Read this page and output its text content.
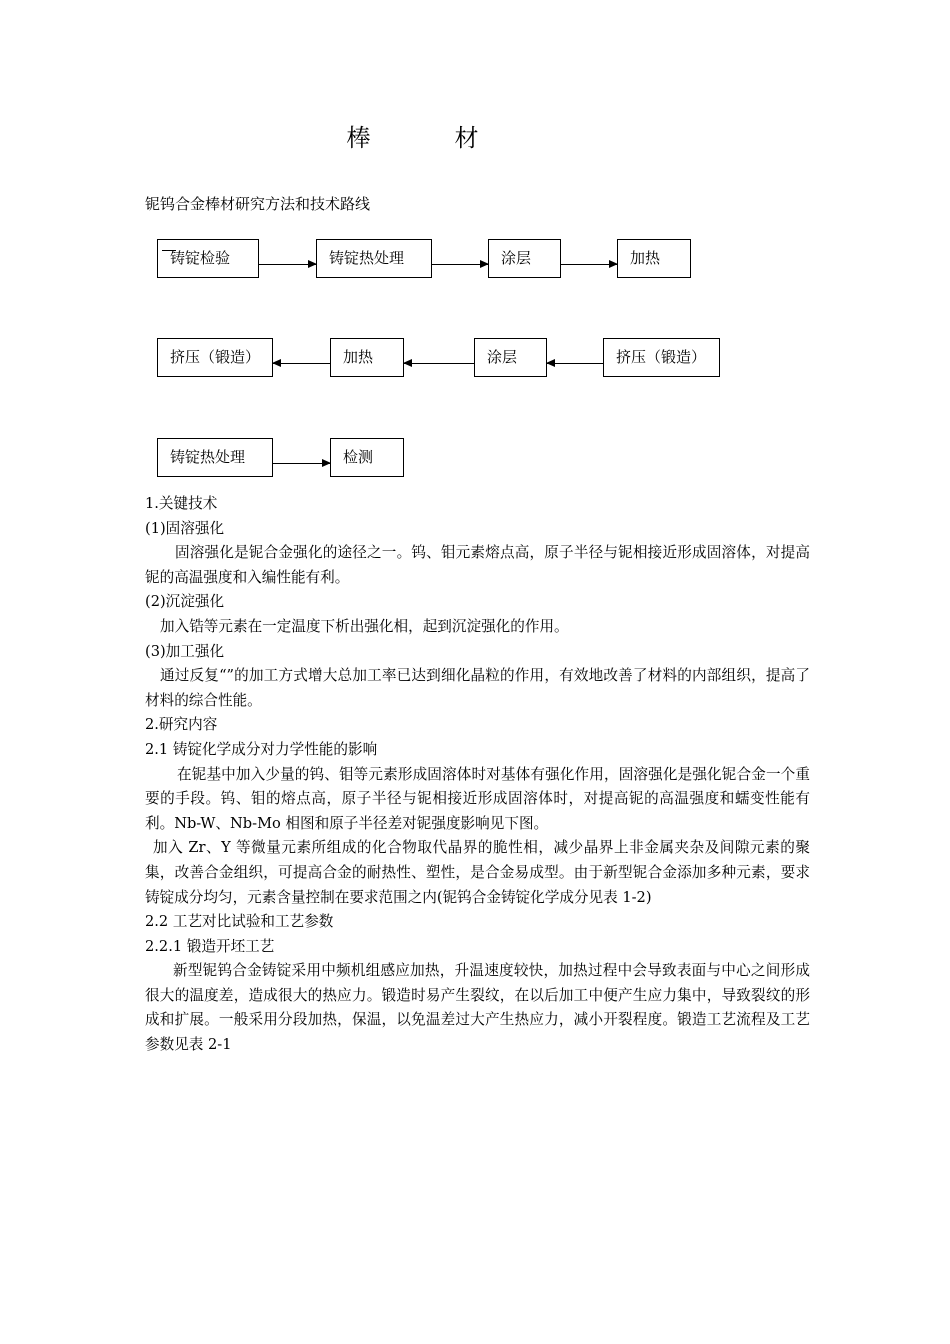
棒　材
铌钨合金棒材研究方法和技术路线
铸锭检验	铸锭热处理	涂层	加热
挤压（锻造）	加热	涂层	挤压（锻造）
铸锭热处理	检测

1.关键技术

(1)固溶强化

固溶强化是铌合金强化的途径之一。钨、钼元素熔点高，原子半径与铌相接近形成固溶体，对提高铌的高温强度和入编性能有利。

(2)沉淀强化

加入锆等元素在一定温度下析出强化相，起到沉淀强化的作用。

(3)加工强化

通过反复“”的加工方式增大总加工率已达到细化晶粒的作用，有效地改善了材料的内部组织，提高了材料的综合性能。

2.研究内容

2.1 铸锭化学成分对力学性能的影响

在铌基中加入少量的钨、钼等元素形成固溶体时对基体有强化作用，固溶强化是强化铌合金一个重要的手段。钨、钼的熔点高，原子半径与铌相接近形成固溶体时，对提高铌的高温强度和蠕变性能有利。Nb-W、Nb-Mo 相图和原子半径差对铌强度影响见下图。

加入 Zr、Y 等微量元素所组成的化合物取代晶界的脆性相，减少晶界上非金属夹杂及间隙元素的聚集，改善合金组织，可提高合金的耐热性、塑性，是合金易成型。由于新型铌合金添加多种元素，要求铸锭成分均匀，元素含量控制在要求范围之内(铌钨合金铸锭化学成分见表 1-2)

2.2 工艺对比试验和工艺参数

2.2.1 锻造开坯工艺

新型铌钨合金铸锭采用中频机组感应加热，升温速度较快，加热过程中会导致表面与中心之间形成很大的温度差，造成很大的热应力。锻造时易产生裂纹，在以后加工中便产生应力集中，导致裂纹的形成和扩展。一般采用分段加热，保温，以免温差过大产生热应力，减小开裂程度。锻造工艺流程及工艺参数见表 2-1
